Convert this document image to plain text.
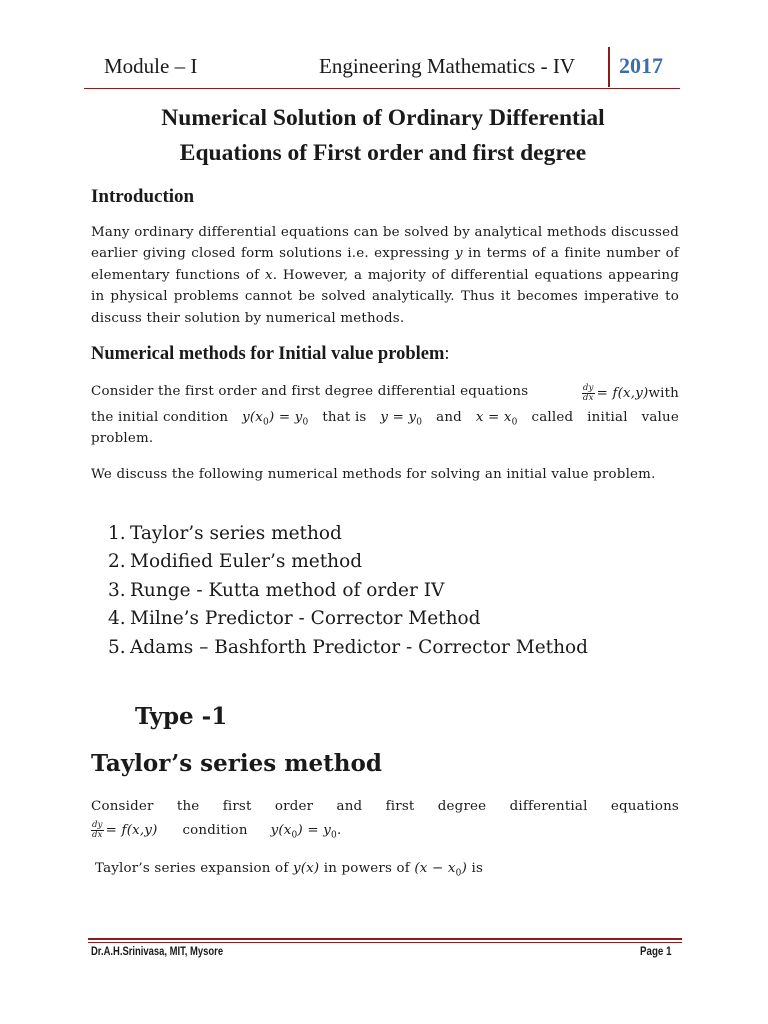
Module – I	Engineering Mathematics - IV 2017
Numerical Solution of Ordinary Differential
Equations of First order and first degree
Introduction
Many ordinary differential equations can be solved by analytical methods discussed earlier giving closed form solutions i.e. expressing y in terms of a finite number of elementary functions of x. However, a majority of differential equations appearing in physical problems cannot be solved analytically. Thus it becomes imperative to discuss their solution by numerical methods.
Numerical methods for Initial value problem:
Consider the first order and first degree differential equations	$\frac{dy}{dx}$ = f(x,y)with
the initial condition $y(x_0) = y_0$ that is $y = y_0$ and $x = x_0$ called initial value
problem.
We discuss the following numerical methods for solving an initial value problem.
1. Taylor’s series method
2. Modified Euler’s method
3. Runge - Kutta method of order IV
4. Milne’s Predictor - Corrector Method
5. Adams – Bashforth Predictor - Corrector Method
Type -1
Taylor’s series method
Consider the first order and first degree differential equations
$\frac{dy}{dx} = f(x,y)$ condition $y(x_0) = y_0$.
Taylor’s series expansion of y(x) in powers of $(x - x_0)$ is
Dr.A.H.Srinivasa, MIT, Mysore	Page 1
